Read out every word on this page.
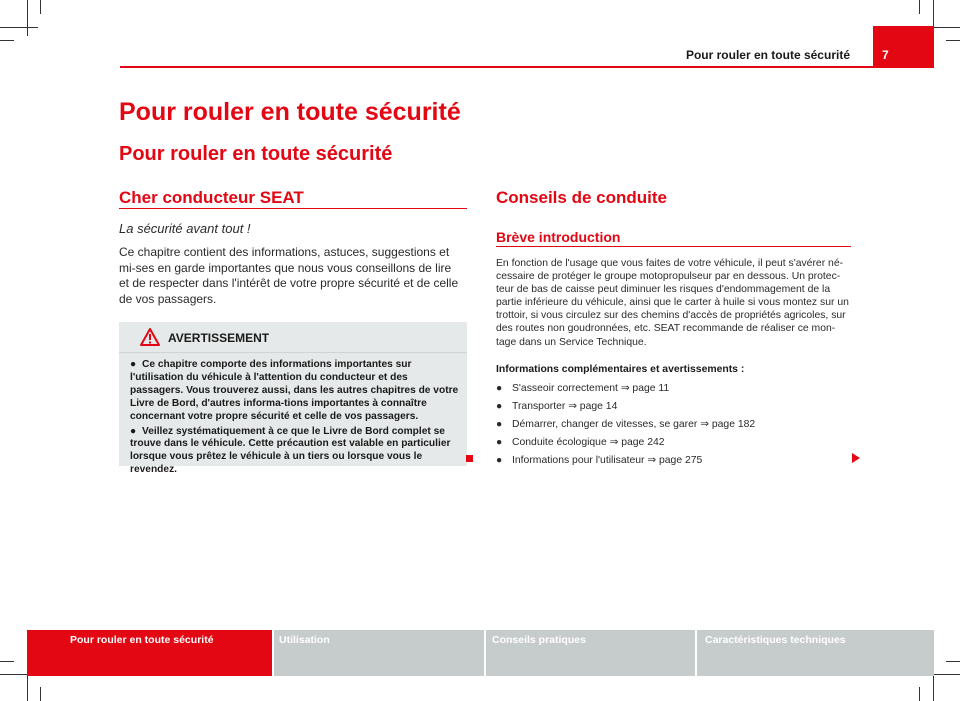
Pour rouler en toute sécurité	7
Pour rouler en toute sécurité
Pour rouler en toute sécurité
Cher conducteur SEAT
La sécurité avant tout !
Ce chapitre contient des informations, astuces, suggestions et mi-ses en garde importantes que nous vous conseillons de lire et de respecter dans l'intérêt de votre propre sécurité et de celle de vos passagers.
AVERTISSEMENT

● Ce chapitre comporte des informations importantes sur l'utilisation du véhicule à l'attention du conducteur et des passagers. Vous trouverez aussi, dans les autres chapitres de votre Livre de Bord, d'autres informa-tions importantes à connaître concernant votre propre sécurité et celle de vos passagers.

● Veillez systématiquement à ce que le Livre de Bord complet se trouve dans le véhicule. Cette précaution est valable en particulier lorsque vous prêtez le véhicule à un tiers ou lorsque vous le revendez.

Conseils de conduite
Brève introduction
En fonction de l'usage que vous faites de votre véhicule, il peut s'avérer né-cessaire de protéger le groupe motopropulseur par en dessous. Un protec-teur de bas de caisse peut diminuer les risques d'endommagement de la partie inférieure du véhicule, ainsi que le carter à huile si vous montez sur un trottoir, si vous circulez sur des chemins d'accès de propriétés agricoles, sur des routes non goudronnées, etc. SEAT recommande de réaliser ce mon-tage dans un Service Technique.
Informations complémentaires et avertissements :
● S'asseoir correctement ⇒ page 11
● Transporter ⇒ page 14
● Démarrer, changer de vitesses, se garer ⇒ page 182
● Conduite écologique ⇒ page 242
● Informations pour l'utilisateur ⇒ page 275
Pour rouler en toute sécurité	Utilisation	Conseils pratiques	Caractéristiques techniques
